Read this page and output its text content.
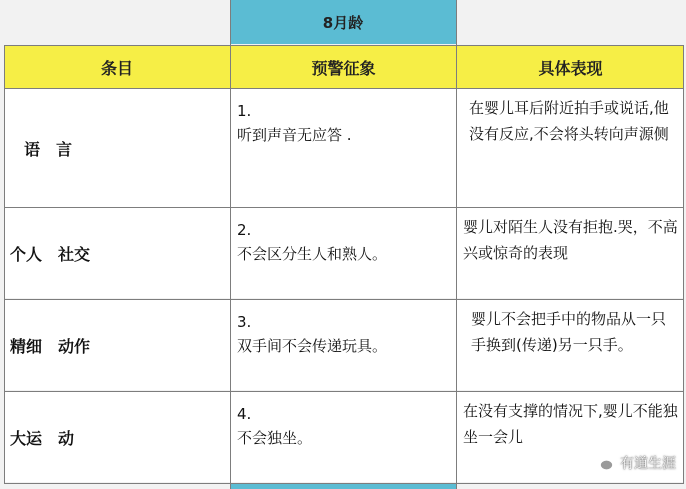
8月龄
条目	预警征象	具体表现
语　言
1.
听到声音无应答 .
在婴儿耳后附近拍手或说话,他没有反应,不会将头转向声源侧
个人　社交
2.
不会区分生人和熟人。
婴儿对陌生人没有拒抱.哭，不高兴或惊奇的表现
精细　动作
3.
双手间不会传递玩具。
婴儿不会把手中的物品从一只手换到(传递)另一只手。
大运　动
4.
不会独坐。
在没有支撑的情况下,婴儿不能独坐一会儿
有道生涯
